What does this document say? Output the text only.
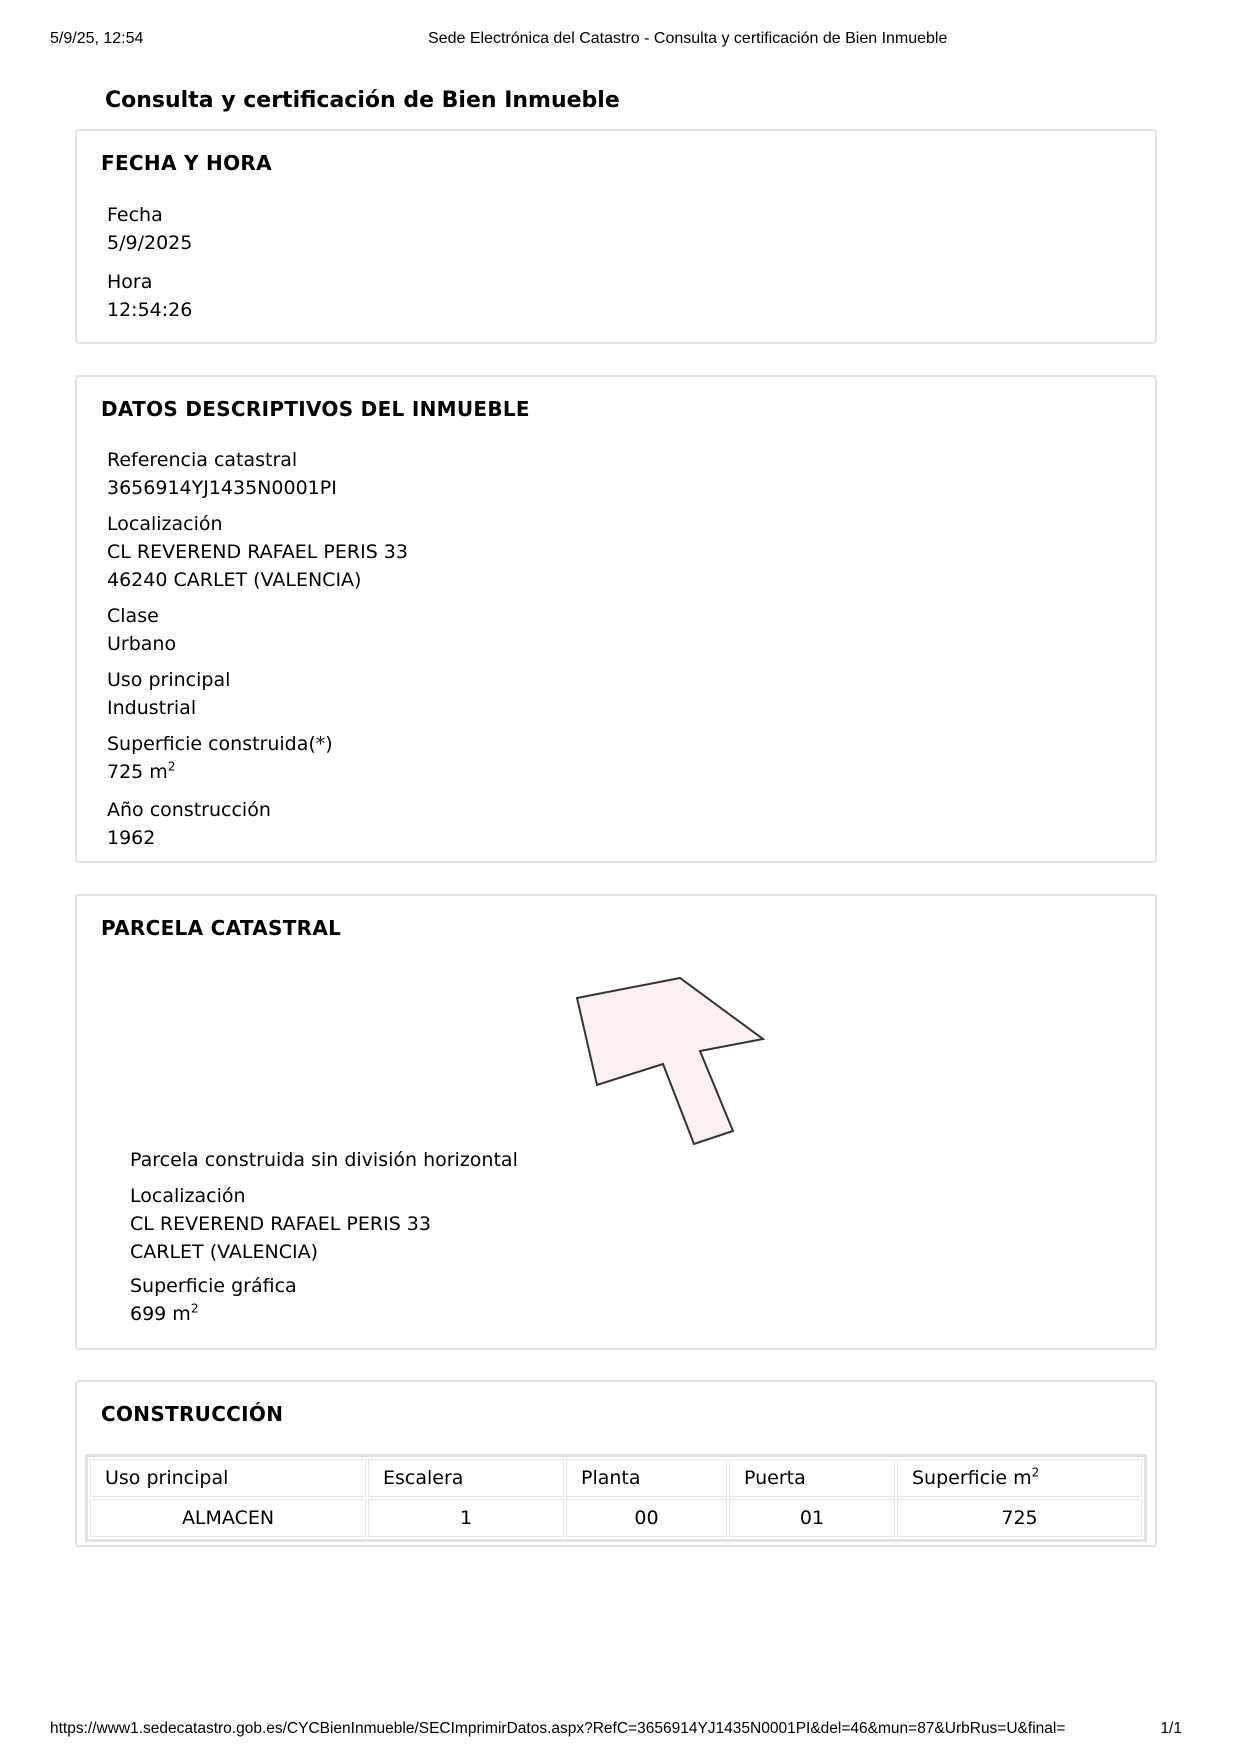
5/9/25, 12:54	Sede Electrónica del Catastro - Consulta y certificación de Bien Inmueble
Consulta y certificación de Bien Inmueble
FECHA Y HORA
Fecha
5/9/2025
Hora
12:54:26
DATOS DESCRIPTIVOS DEL INMUEBLE
Referencia catastral
3656914YJ1435N0001PI
Localización
CL REVEREND RAFAEL PERIS 33
46240 CARLET (VALENCIA)
Clase
Urbano
Uso principal
Industrial
Superficie construida(*)
725 $m^2$
Año construcción
1962
PARCELA CATASTRAL
Parcela construida sin división horizontal
Localización
CL REVEREND RAFAEL PERIS 33
CARLET (VALENCIA)
Superficie gráfica
699 $m^2$
CONSTRUCCIÓN
Uso principal	Escalera	Planta	Puerta	Superficie $m^2$
ALMACEN	1	00	01	725
https://www1.sedecatastro.gob.es/CYCBienInmueble/SECImprimirDatos.aspx?RefC=3656914YJ1435N0001PI&del=46&mun=87&UrbRus=U&final=	1/1
